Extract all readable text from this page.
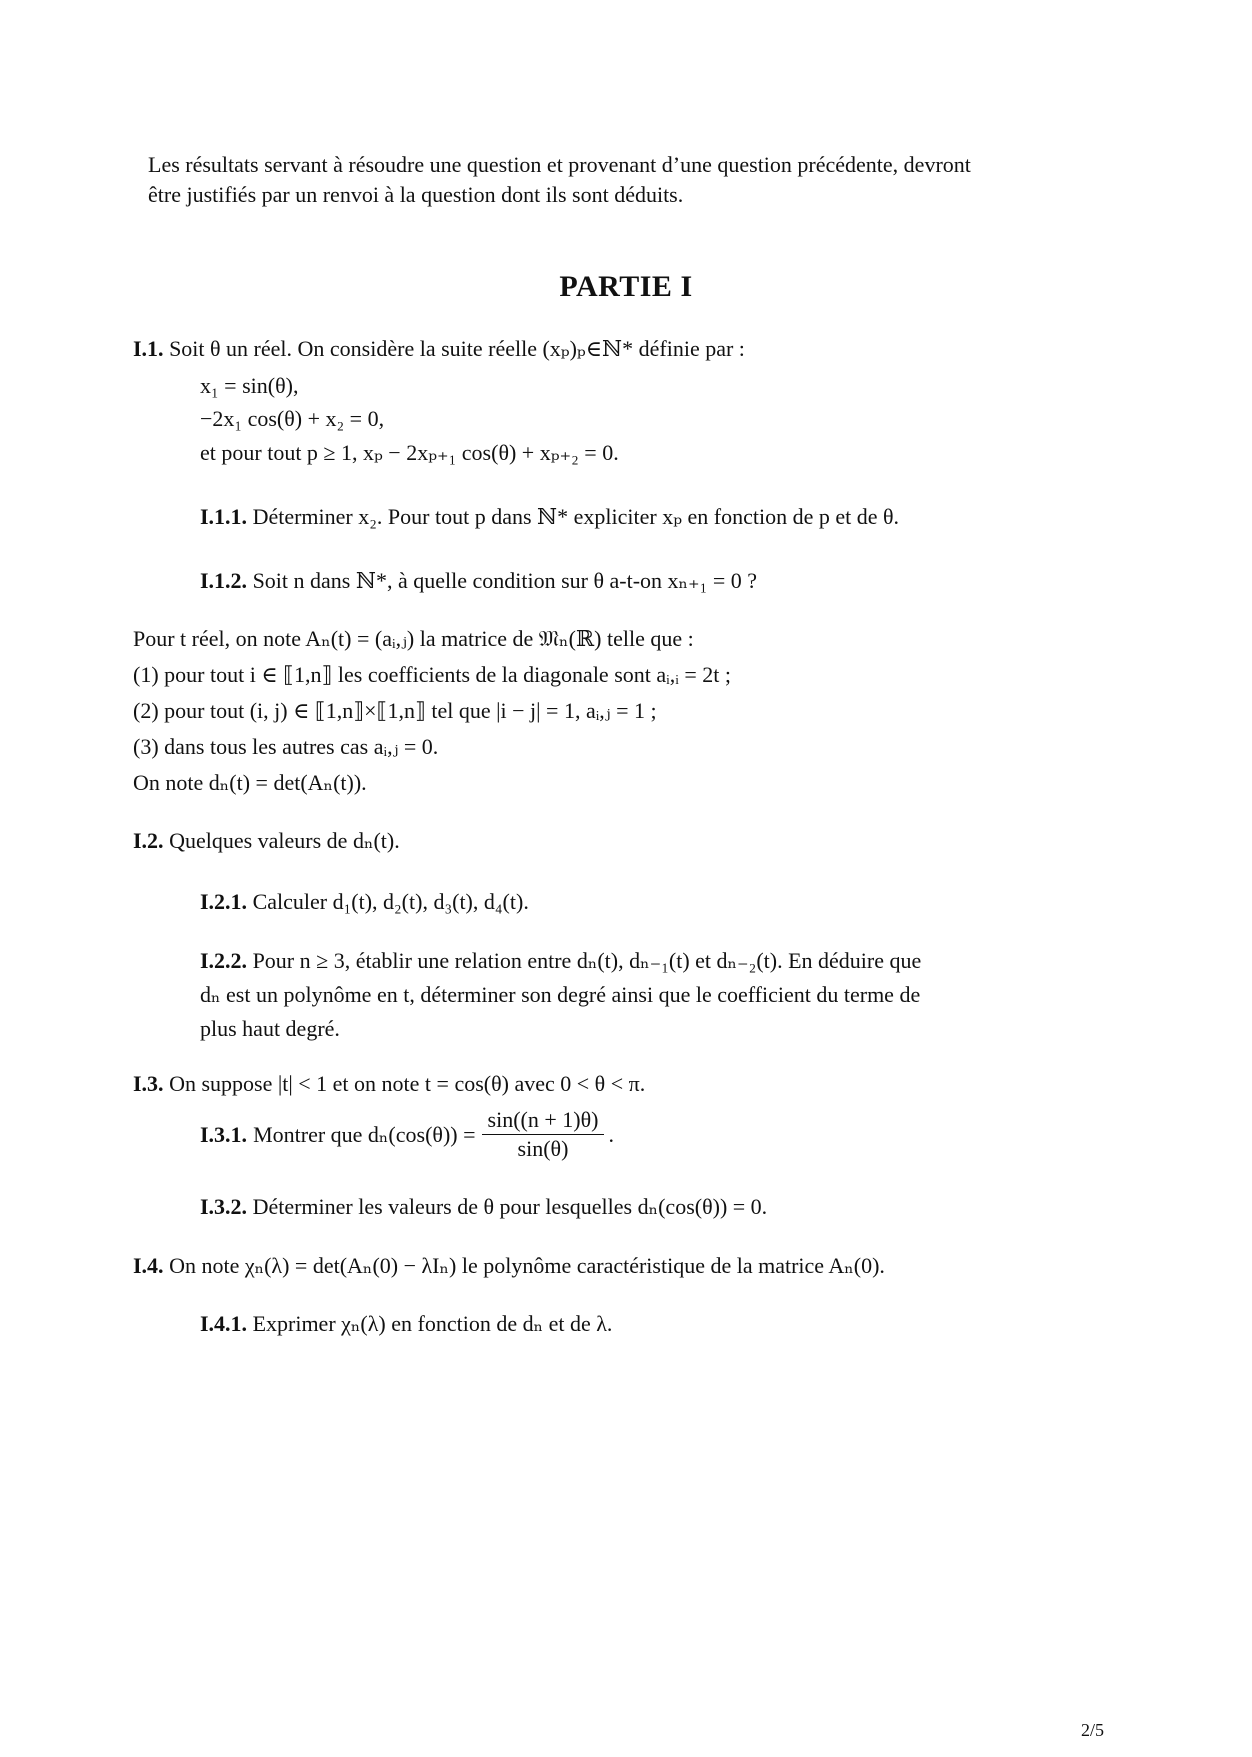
Les résultats servant à résoudre une question et provenant d’une question précédente, devront
être justifiés par un renvoi à la question dont ils sont déduits.
PARTIE I
I.1. Soit θ un réel. On considère la suite réelle (xₚ)ₚ∈ℕ* définie par :
x₁ = sin(θ),
−2x₁ cos(θ) + x₂ = 0,
et pour tout p ≥ 1, xₚ − 2xₚ₊₁ cos(θ) + xₚ₊₂ = 0.
I.1.1. Déterminer x₂. Pour tout p dans ℕ* expliciter xₚ en fonction de p et de θ.
I.1.2. Soit n dans ℕ*, à quelle condition sur θ a-t-on xₙ₊₁ = 0 ?
Pour t réel, on note Aₙ(t) = (aᵢ,ⱼ) la matrice de 𝔐ₙ(ℝ) telle que :
(1) pour tout i ∈ ⟦1,n⟧ les coefficients de la diagonale sont aᵢ,ᵢ = 2t ;
(2) pour tout (i, j) ∈ ⟦1,n⟧×⟦1,n⟧ tel que |i − j| = 1, aᵢ,ⱼ = 1 ;
(3) dans tous les autres cas aᵢ,ⱼ = 0.
On note dₙ(t) = det(Aₙ(t)).
I.2. Quelques valeurs de dₙ(t).
I.2.1. Calculer d₁(t), d₂(t), d₃(t), d₄(t).
I.2.2. Pour n ≥ 3, établir une relation entre dₙ(t), dₙ₋₁(t) et dₙ₋₂(t). En déduire que
dₙ est un polynôme en t, déterminer son degré ainsi que le coefficient du terme de
plus haut degré.
I.3. On suppose |t| < 1 et on note t = cos(θ) avec 0 < θ < π.
I.3.1. Montrer que $d_n(\cos(\theta)) = \frac{\sin((n + 1)\theta)}{\sin(\theta)}$ .
I.3.2. Déterminer les valeurs de θ pour lesquelles dₙ(cos(θ)) = 0.
I.4. On note χₙ(λ) = det(Aₙ(0) − λIₙ) le polynôme caractéristique de la matrice Aₙ(0).
I.4.1. Exprimer χₙ(λ) en fonction de dₙ et de λ.
2/5
